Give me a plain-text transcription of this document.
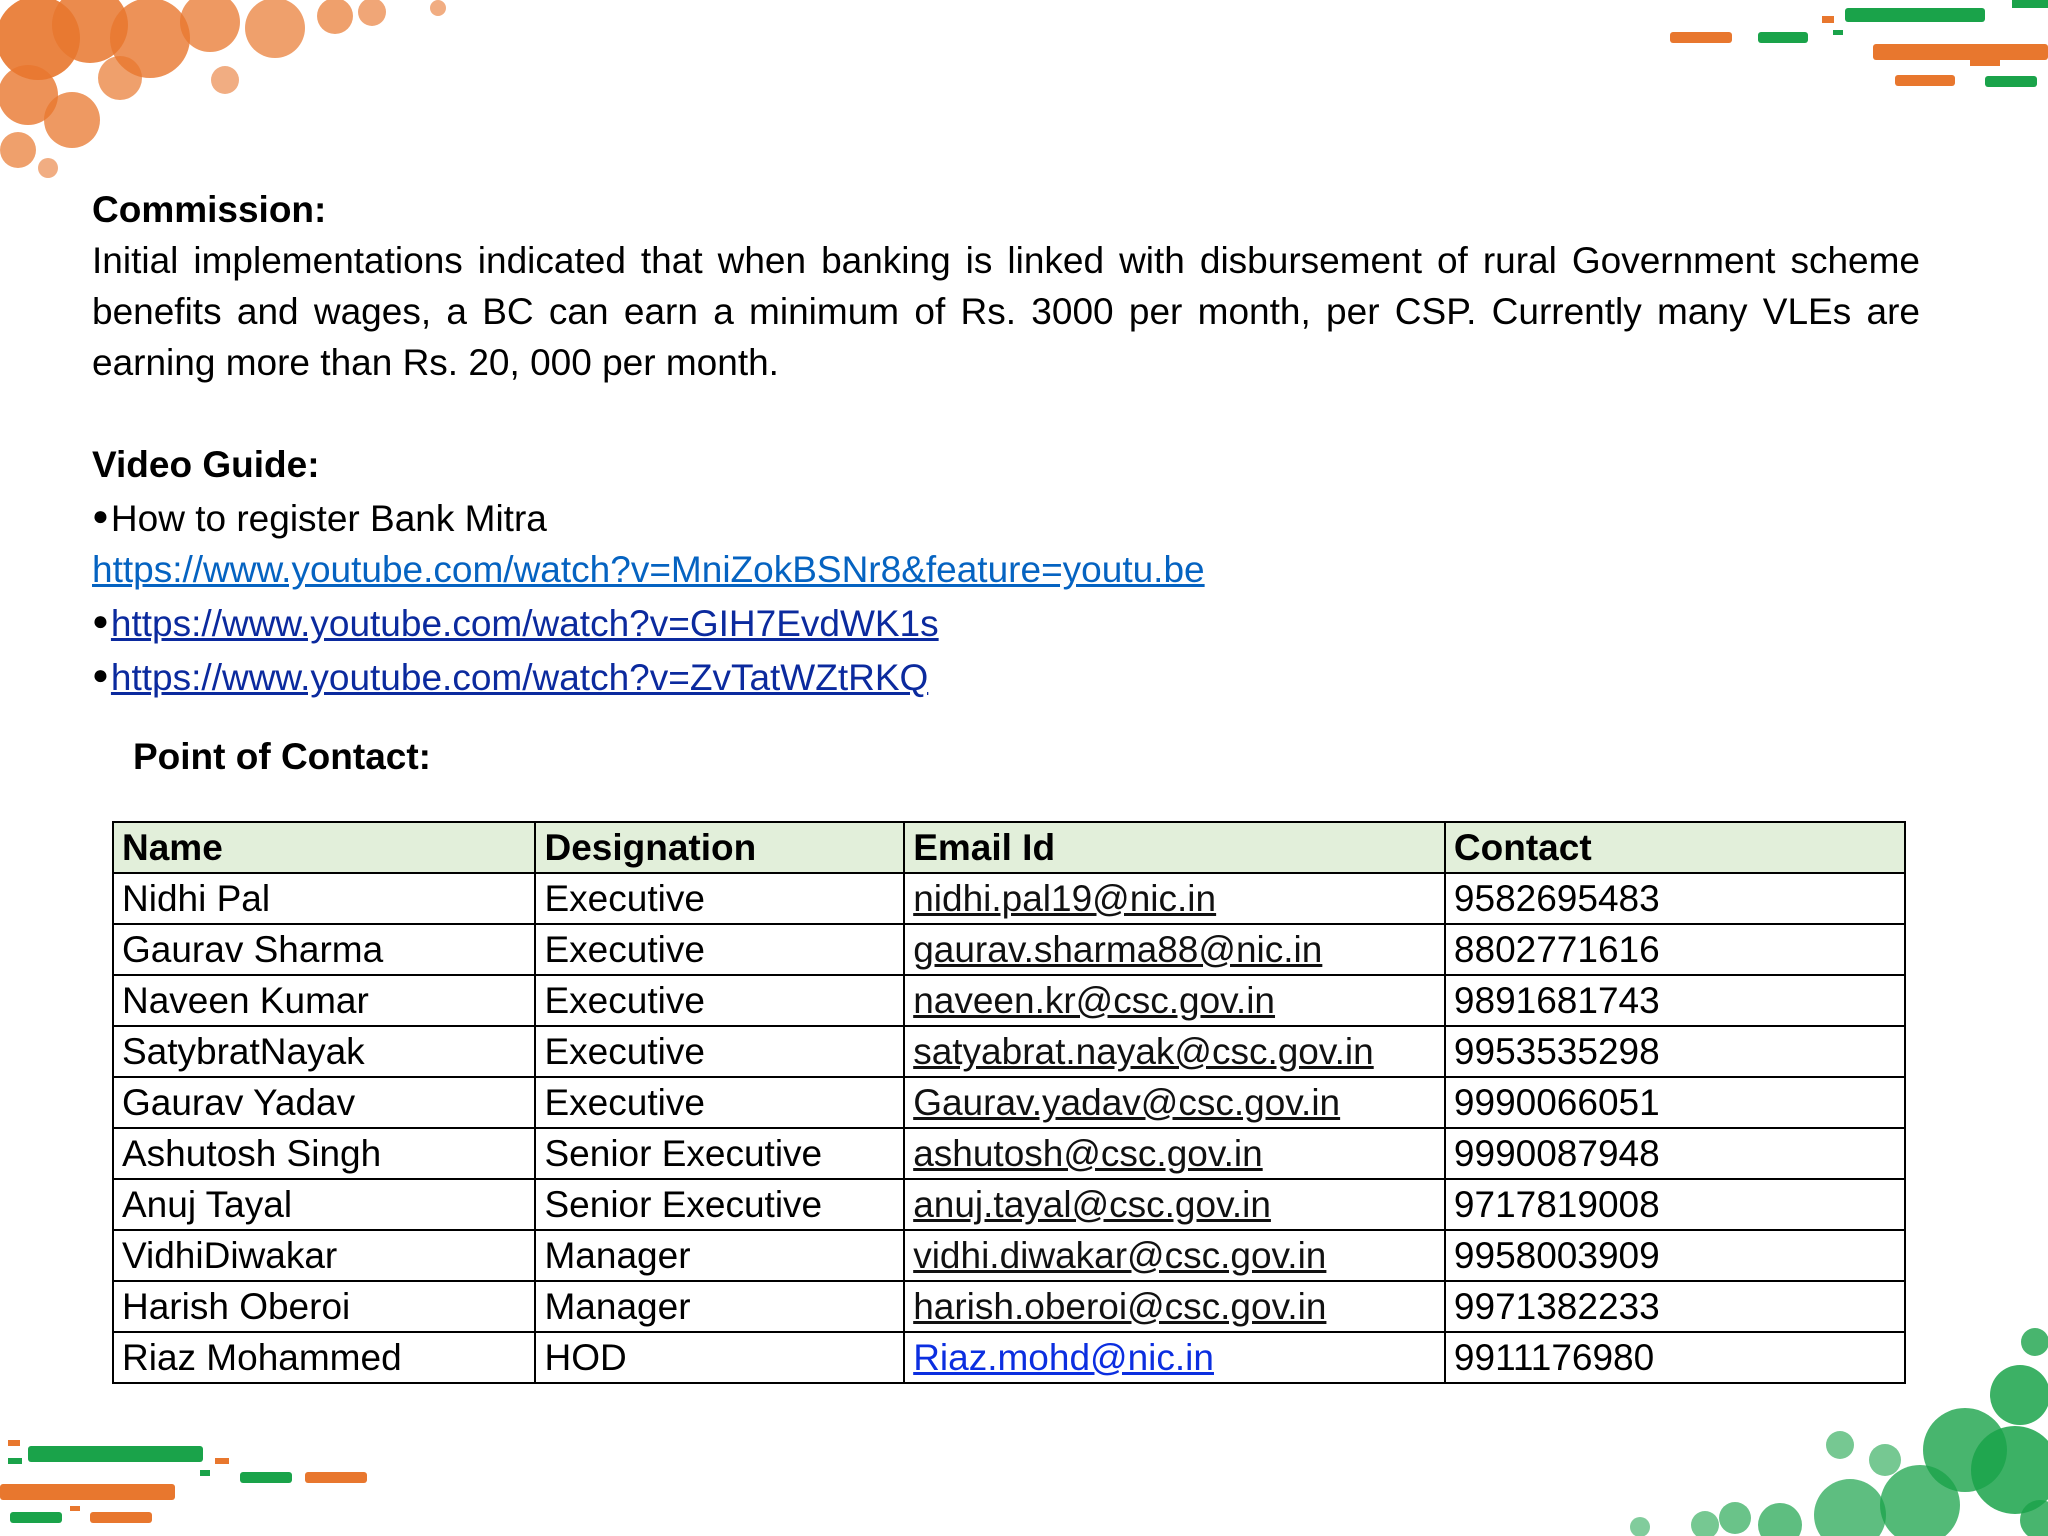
Commission:
Initial implementations indicated that when banking is linked with disbursement of rural Government scheme benefits and wages, a BC can earn a minimum of Rs. 3000 per month, per CSP. Currently many VLEs are earning more than Rs. 20, 000 per month.
Video Guide:
●How to register Bank Mitra
https://www.youtube.com/watch?v=MniZokBSNr8&feature=youtu.be
●https://www.youtube.com/watch?v=GIH7EvdWK1s
●https://www.youtube.com/watch?v=ZvTatWZtRKQ
Point of Contact:
Name	Designation	Email Id	Contact
Nidhi Pal	Executive	nidhi.pal19@nic.in	9582695483
Gaurav Sharma	Executive	gaurav.sharma88@nic.in	8802771616
Naveen Kumar	Executive	naveen.kr@csc.gov.in	9891681743
SatybratNayak	Executive	satyabrat.nayak@csc.gov.in	9953535298
Gaurav Yadav	Executive	Gaurav.yadav@csc.gov.in	9990066051
Ashutosh Singh	Senior Executive	ashutosh@csc.gov.in	9990087948
Anuj Tayal	Senior Executive	anuj.tayal@csc.gov.in	9717819008
VidhiDiwakar	Manager	vidhi.diwakar@csc.gov.in	9958003909
Harish Oberoi	Manager	harish.oberoi@csc.gov.in	9971382233
Riaz Mohammed	HOD	Riaz.mohd@nic.in	9911176980
